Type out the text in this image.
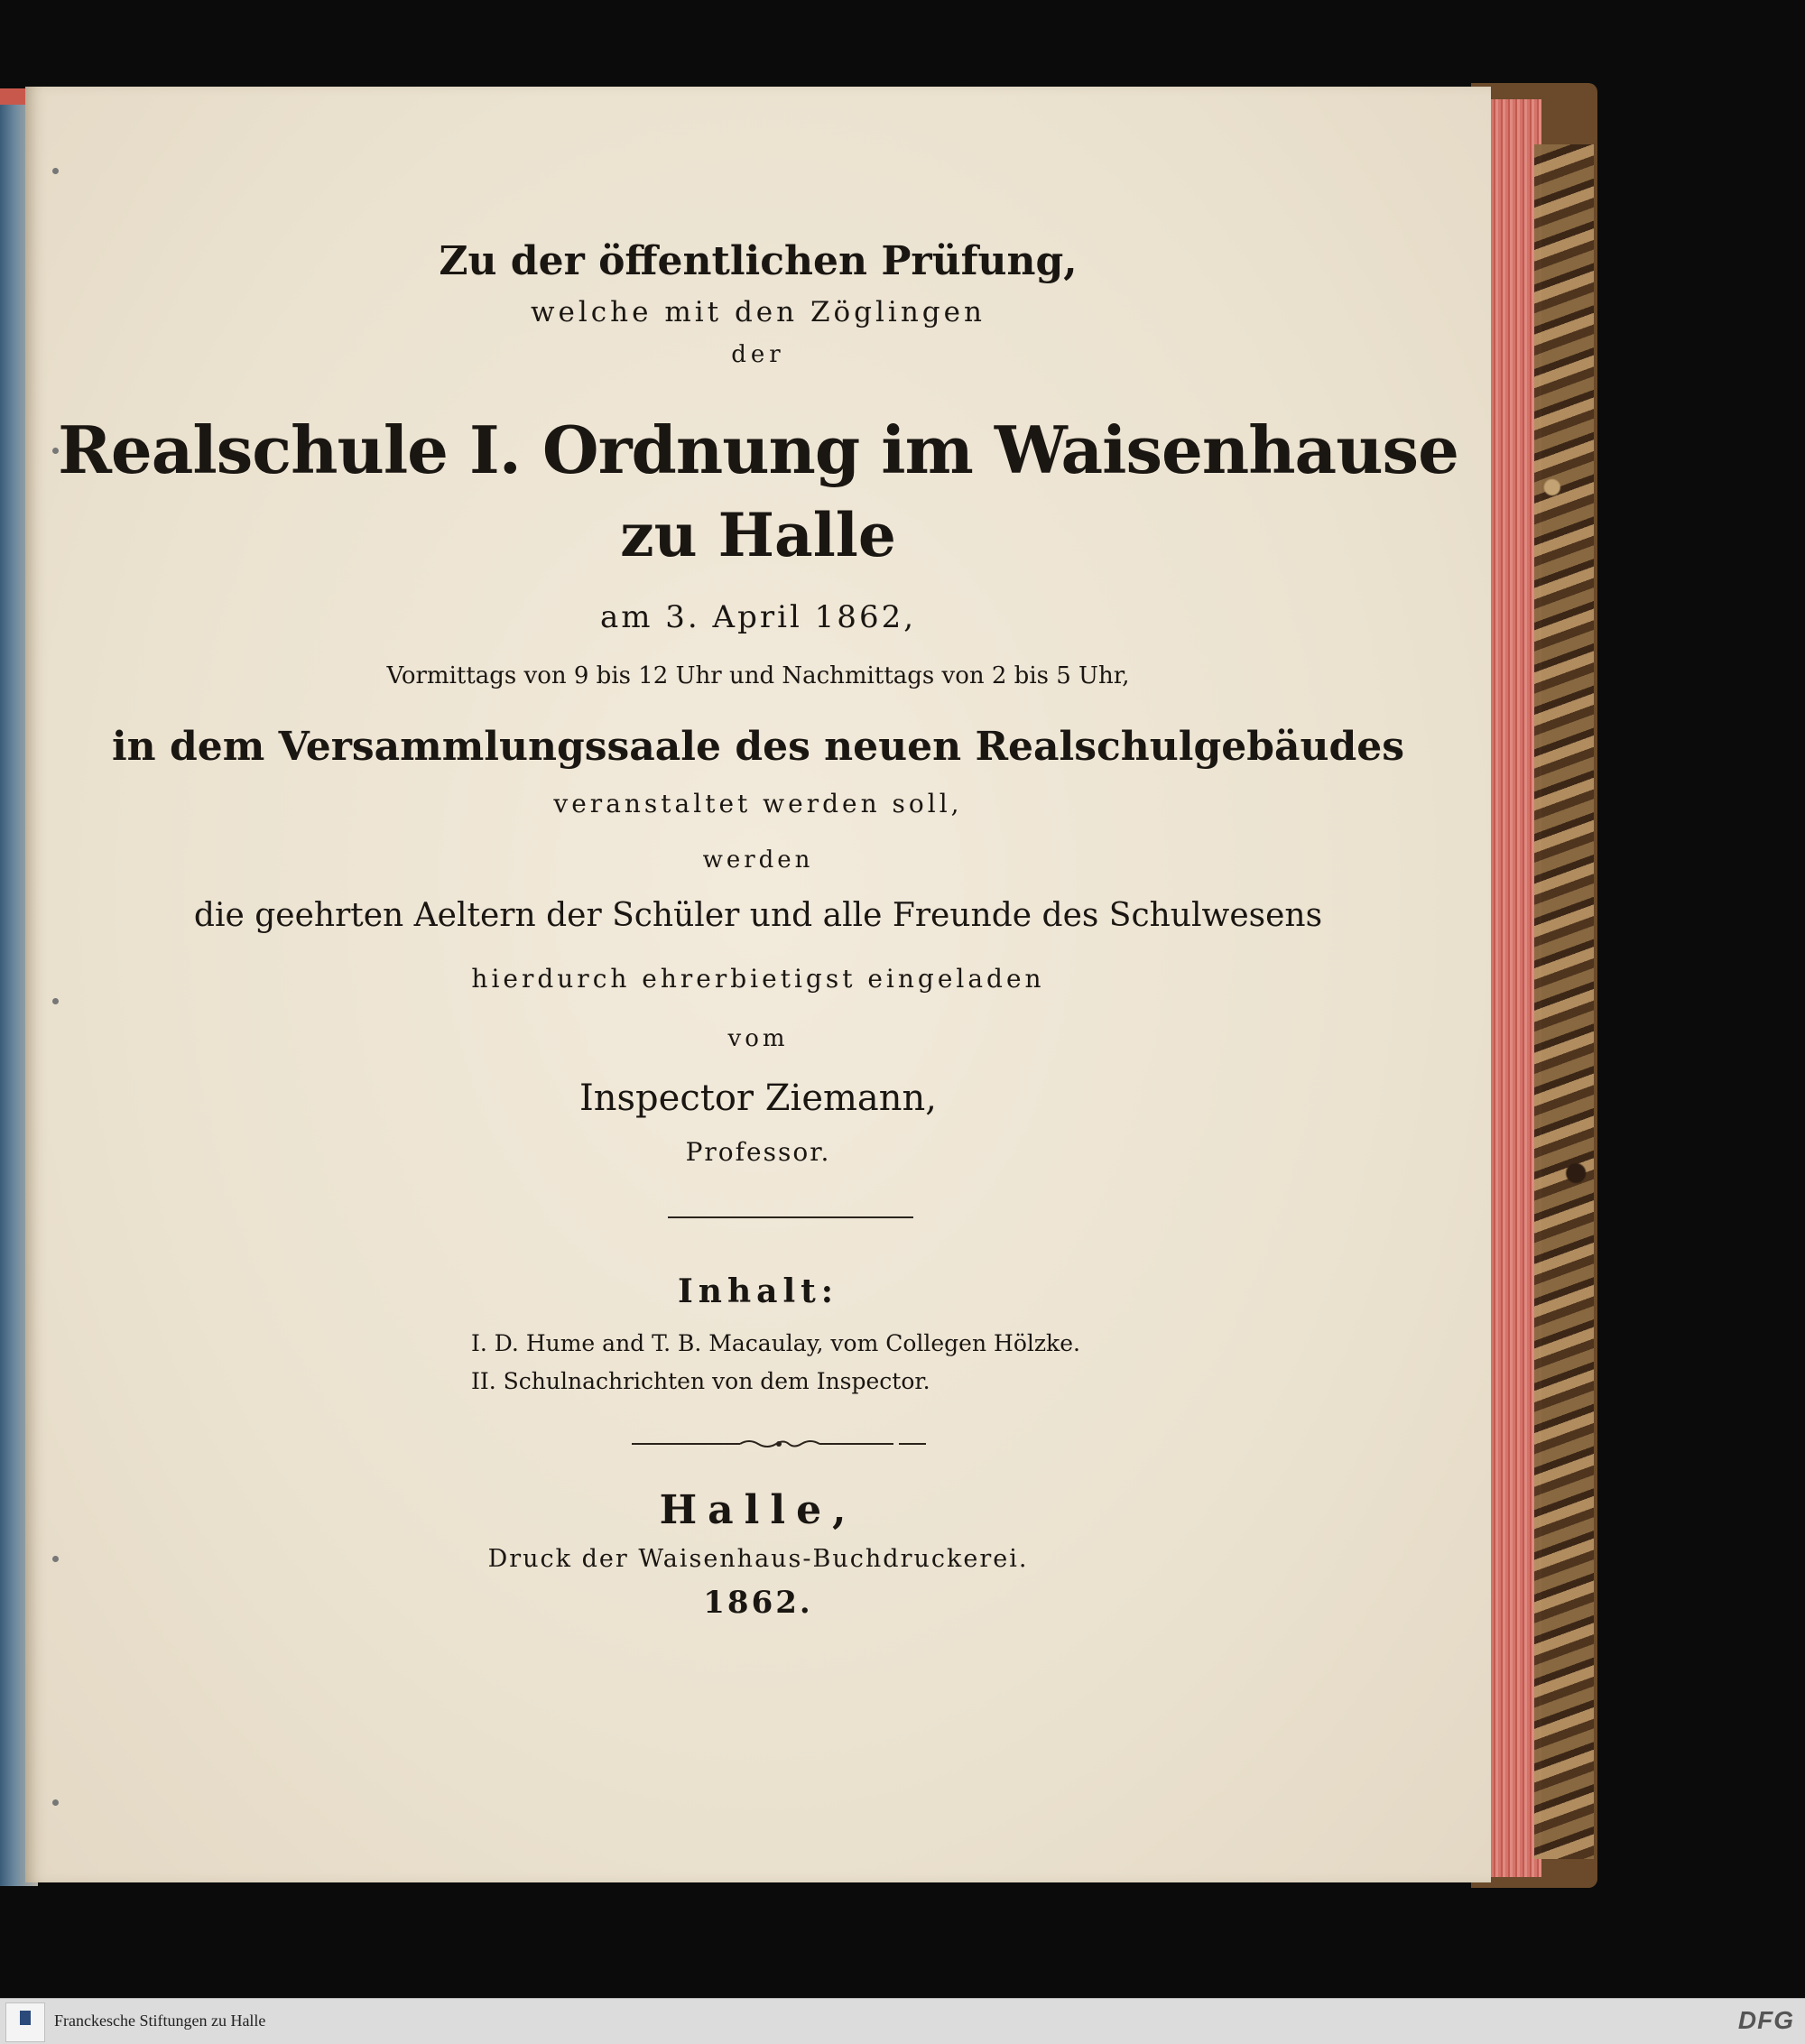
Zu der öffentlichen Prüfung,
welche mit den Zöglingen
der
Realschule I. Ordnung im Waisenhause
zu Halle
am 3. April 1862,
Vormittags von 9 bis 12 Uhr und Nachmittags von 2 bis 5 Uhr,
in dem Versammlungssaale des neuen Realschulgebäudes
veranstaltet werden soll,
werden
die geehrten Aeltern der Schüler und alle Freunde des Schulwesens
hierdurch ehrerbietigst eingeladen
vom
Inspector Ziemann,
Professor.
Inhalt:
I. D. Hume and T. B. Macaulay, vom Collegen Hölzke.
II. Schulnachrichten von dem Inspector.
Halle,
Druck der Waisenhaus-Buchdruckerei.
1862.
Franckesche Stiftungen zu Halle	DFG
